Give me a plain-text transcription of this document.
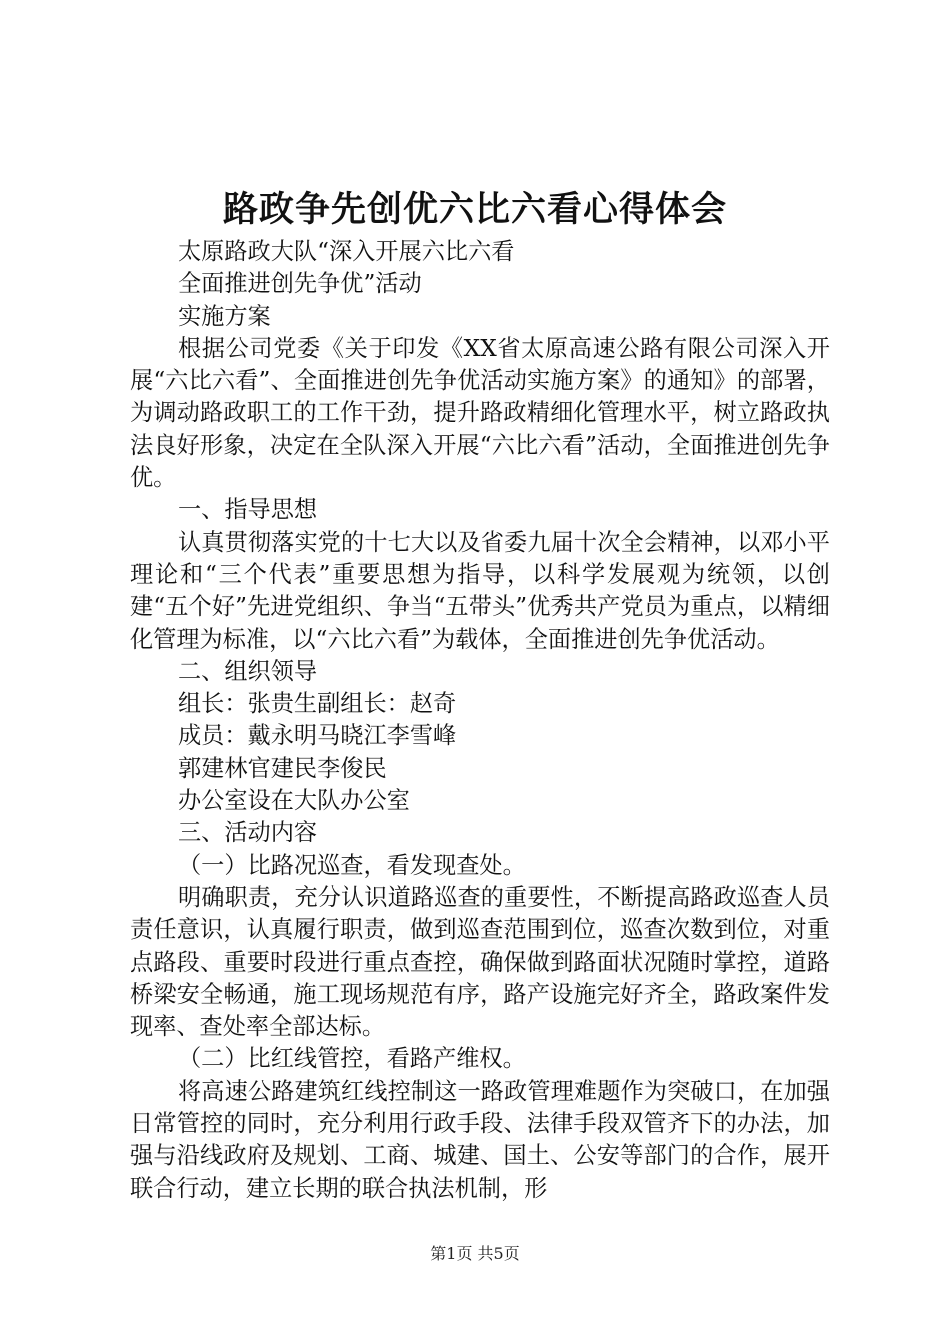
路政争先创优六比六看心得体会
太原路政大队“深入开展六比六看
全面推进创先争优”活动
实施方案
根据公司党委《关于印发《XX省太原高速公路有限公司深入开展“六比六看”、全面推进创先争优活动实施方案》的通知》的部署，为调动路政职工的工作干劲，提升路政精细化管理水平，树立路政执法良好形象，决定在全队深入开展“六比六看”活动，全面推进创先争优。
一、指导思想
认真贯彻落实党的十七大以及省委九届十次全会精神，以邓小平理论和“三个代表”重要思想为指导，以科学发展观为统领，以创建“五个好”先进党组织、争当“五带头”优秀共产党员为重点，以精细化管理为标准，以“六比六看”为载体，全面推进创先争优活动。
二、组织领导
组长：张贵生副组长：赵奇
成员：戴永明马晓江李雪峰
郭建林官建民李俊民
办公室设在大队办公室
三、活动内容
（一）比路况巡查，看发现查处。
明确职责，充分认识道路巡查的重要性，不断提高路政巡查人员责任意识，认真履行职责，做到巡查范围到位，巡查次数到位，对重点路段、重要时段进行重点查控，确保做到路面状况随时掌控，道路桥梁安全畅通，施工现场规范有序，路产设施完好齐全，路政案件发现率、查处率全部达标。
（二）比红线管控，看路产维权。
将高速公路建筑红线控制这一路政管理难题作为突破口，在加强日常管控的同时，充分利用行政手段、法律手段双管齐下的办法，加强与沿线政府及规划、工商、城建、国土、公安等部门的合作，展开联合行动，建立长期的联合执法机制，形
第1页 共5页
